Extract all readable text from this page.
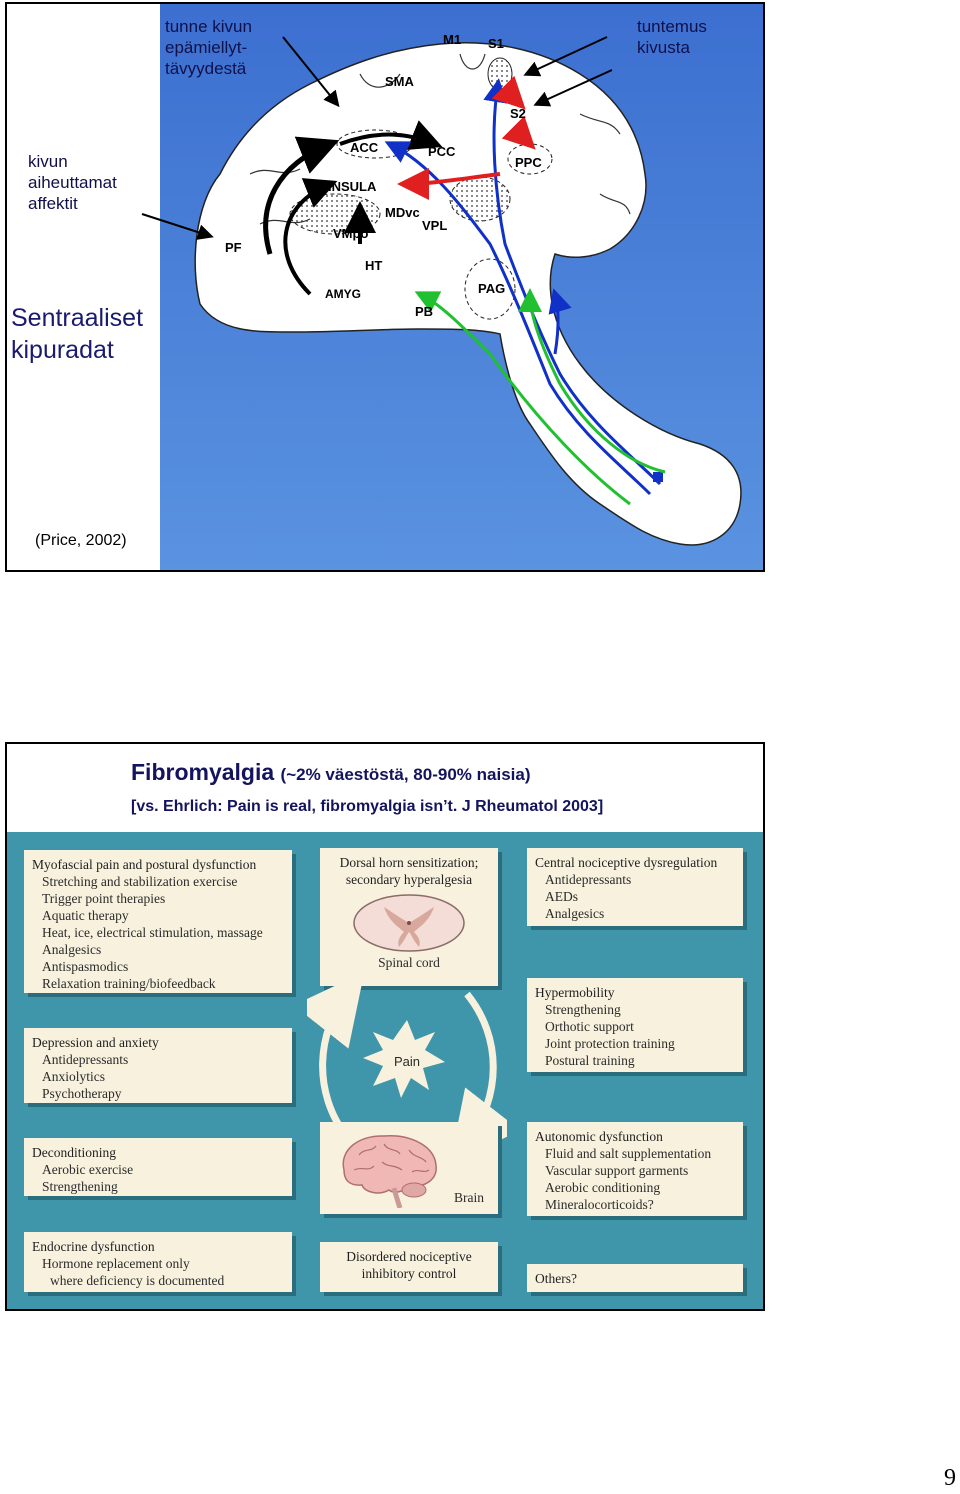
M1 S1
SMA
S2
ACC	PCC
PPC
INSULA
MDvc
VPL
VMpo
PF
HT
AMYG	PAG
PB
tunne kivun
epämiellyt-
tävyydestä
tuntemus
kivusta
kivun
aiheuttamat
affektit
Sentraaliset
kipuradat
(Price, 2002)
Fibromyalgia (~2% väestöstä, 80-90% naisia)
[vs. Ehrlich: Pain is real, fibromyalgia isn’t. J Rheumatol 2003]
Myofascial pain and postural dysfunction
Stretching and stabilization exercise
Trigger point therapies
Aquatic therapy
Heat, ice, electrical stimulation, massage
Analgesics
Antispasmodics
Relaxation training/biofeedback
Depression and anxiety
Antidepressants
Anxiolytics
Psychotherapy
Deconditioning
Aerobic exercise
Strengthening
Endocrine dysfunction
Hormone replacement only
where deficiency is documented
Dorsal horn sensitization;
secondary hyperalgesia
Spinal cord
Pain
Brain
Disordered nociceptive
inhibitory control
Central nociceptive dysregulation
Antidepressants
AEDs
Analgesics
Hypermobility
Strengthening
Orthotic support
Joint protection training
Postural training
Autonomic dysfunction
Fluid and salt supplementation
Vascular support garments
Aerobic conditioning
Mineralocorticoids?
Others?
9
